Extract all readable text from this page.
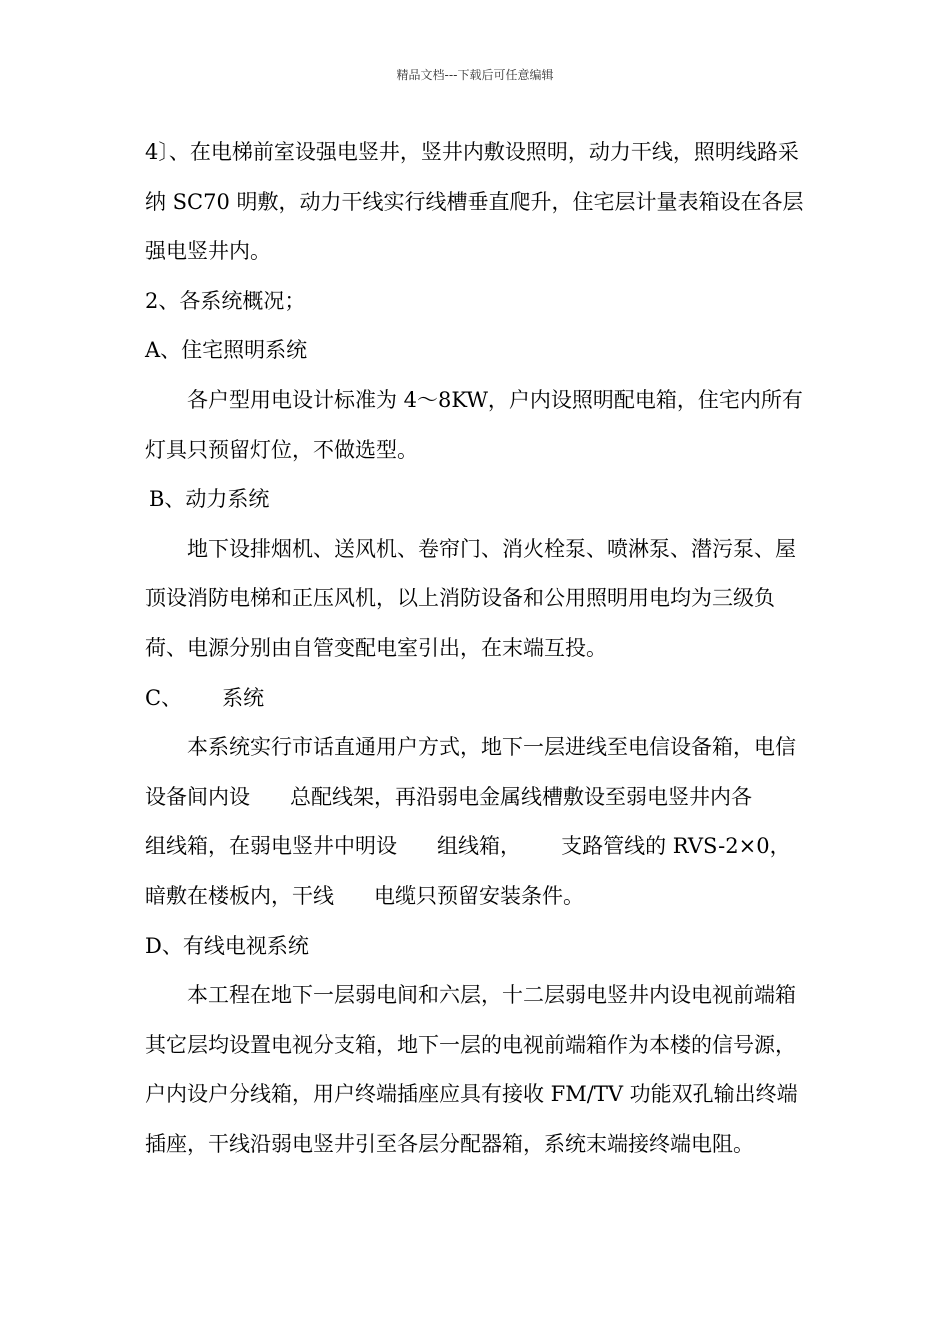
精品文档---下载后可任意编辑

4〕、在电梯前室设强电竖井，竖井内敷设照明，动力干线，照明线路采纳 SC70 明敷，动力干线实行线槽垂直爬升，住宅层计量表箱设在各层强电竖井内。

2、各系统概况；

A、住宅照明系统

各户型用电设计标准为 4～8KW，户内设照明配电箱，住宅内所有灯具只预留灯位，不做选型。

B、动力系统

地下设排烟机、送风机、卷帘门、消火栓泵、喷淋泵、潜污泵、屋顶设消防电梯和正压风机，以上消防设备和公用照明用电均为三级负荷、电源分别由自管变配电室引出，在末端互投。

C、      系统

本系统实行市话直通用户方式，地下一层进线至电信设备箱，电信设备间内设      总配线架，再沿弱电金属线槽敷设至弱电竖井内各      组线箱，在弱电竖井中明设      组线箱，      支路管线的 RVS-2×0，暗敷在楼板内，干线      电缆只预留安装条件。

D、有线电视系统

本工程在地下一层弱电间和六层，十二层弱电竖井内设电视前端箱其它层均设置电视分支箱，地下一层的电视前端箱作为本楼的信号源，户内设户分线箱，用户终端插座应具有接收 FM/TV 功能双孔输出终端插座，干线沿弱电竖井引至各层分配器箱，系统末端接终端电阻。
